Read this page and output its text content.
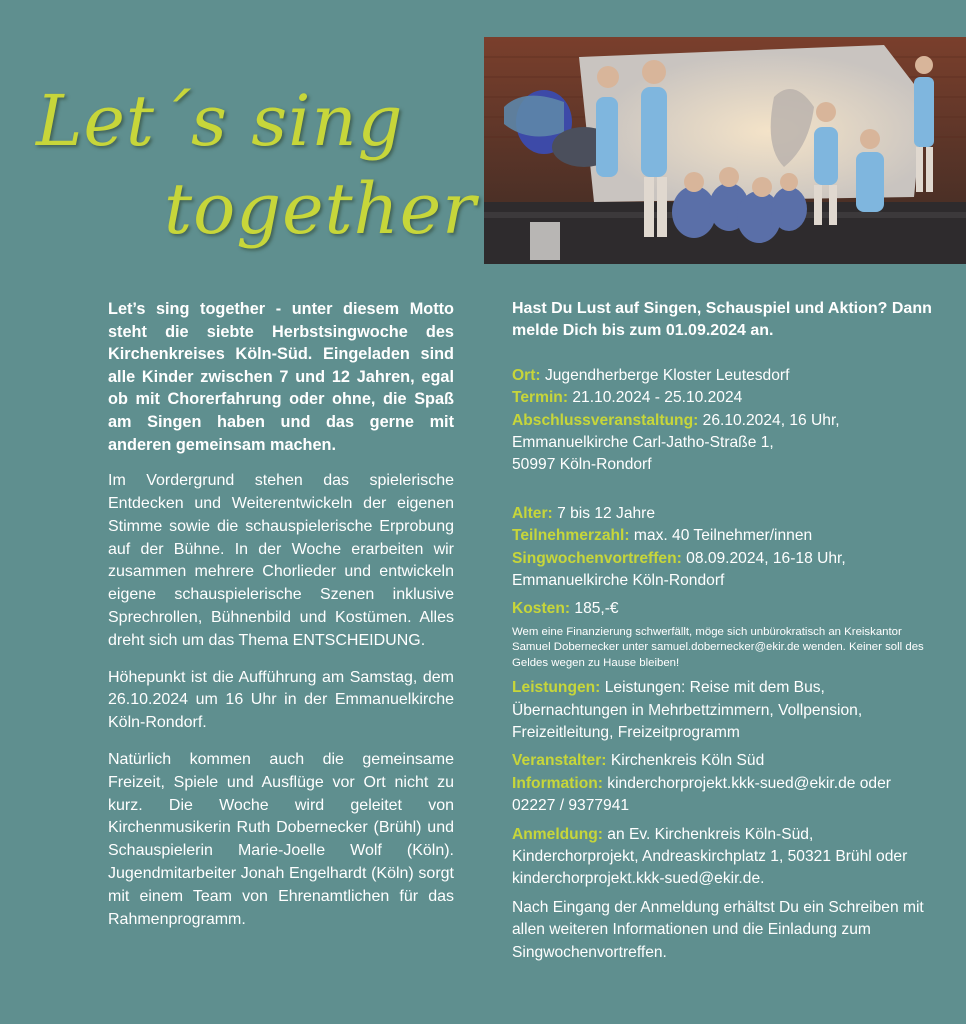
Let´s sing
together

Let’s sing together - unter diesem Motto steht die siebte Herbstsingwoche des Kirchenkreises Köln-Süd. Eingeladen sind alle Kinder zwischen 7 und 12 Jahren, egal ob mit Chorerfahrung oder ohne, die Spaß am Singen haben und das gerne mit anderen gemeinsam machen.

Im Vordergrund stehen das spielerische Entdecken und Weiterentwickeln der eigenen Stimme sowie die schauspielerische Erprobung auf der Bühne. In der Woche erarbeiten wir zusammen mehrere Chorlieder und entwickeln eigene schauspielerische Szenen inklusive Sprechrollen, Bühnenbild und Kostümen. Alles dreht sich um das Thema ENTSCHEIDUNG.

Höhepunkt ist die Aufführung am Samstag, dem 26.10.2024 um 16 Uhr in der Emmanuelkirche Köln-Rondorf.

Natürlich kommen auch die gemeinsame Freizeit, Spiele und Ausflüge vor Ort nicht zu kurz. Die Woche wird geleitet von Kirchenmusikerin Ruth Dobernecker (Brühl) und Schauspielerin Marie-Joelle Wolf (Köln). Jugendmitarbeiter Jonah Engelhardt (Köln) sorgt mit einem Team von Ehrenamtlichen für das Rahmenprogramm.

Hast Du Lust auf Singen, Schauspiel und Aktion? Dann melde Dich bis zum 01.09.2024 an.

Ort: Jugendherberge Kloster Leutesdorf

Termin: 21.10.2024 - 25.10.2024

Abschlussveranstaltung: 26.10.2024, 16 Uhr,

Emmanuelkirche Carl-Jatho-Straße 1,

50997 Köln-Rondorf

Alter: 7 bis 12 Jahre

Teilnehmerzahl: max. 40 Teilnehmer/innen

Singwochenvortreffen: 08.09.2024, 16-18 Uhr,

Emmanuelkirche Köln-Rondorf

Kosten: 185,-€

Wem eine Finanzierung schwerfällt, möge sich unbürokratisch an Kreiskantor Samuel Dobernecker unter samuel.dobernecker@ekir.de wenden. Keiner soll des Geldes wegen zu Hause bleiben!

Leistungen: Leistungen: Reise mit dem Bus, Übernachtungen in Mehrbettzimmern, Vollpension, Freizeitleitung, Freizeitprogramm

Veranstalter: Kirchenkreis Köln Süd

Information: kinderchorprojekt.kkk-sued@ekir.de oder 02227 / 9377941

Anmeldung: an Ev. Kirchenkreis Köln-Süd, Kinderchorprojekt, Andreaskirchplatz 1, 50321 Brühl oder kinderchorprojekt.kkk-sued@ekir.de.

Nach Eingang der Anmeldung erhältst Du ein Schreiben mit allen weiteren Informationen und die Einladung zum Singwochenvortreffen.
